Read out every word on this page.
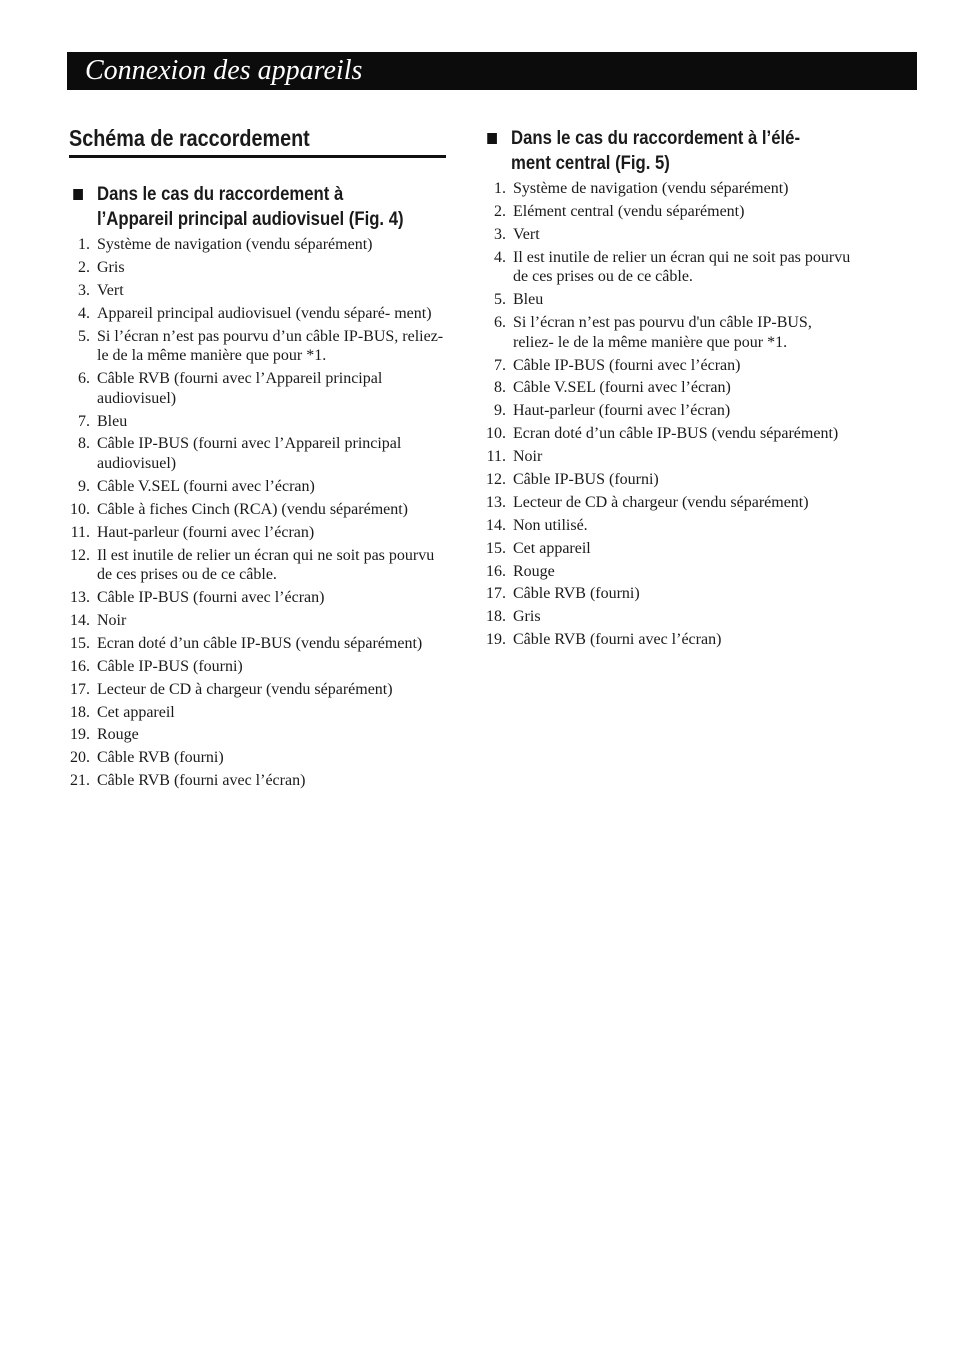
Connexion des appareils
Schéma de raccordement
Dans le cas du raccordement à
l’Appareil principal audiovisuel (Fig. 4)
Dans le cas du raccordement à l’élé-
ment central (Fig. 5)
1. Système de navigation (vendu séparément)
2. Gris
3. Vert
4. Appareil principal audiovisuel (vendu séparé- ment)
5. Si l’écran n’est pas pourvu d’un câble IP-BUS, reliez-le de la même manière que pour *1.
6. Câble RVB (fourni avec l’Appareil principal audiovisuel)
7. Bleu
8. Câble IP-BUS (fourni avec l’Appareil principal audiovisuel)
9. Câble V.SEL (fourni avec l’écran)
10. Câble à fiches Cinch (RCA) (vendu séparément)
11. Haut-parleur (fourni avec l’écran)
12. Il est inutile de relier un écran qui ne soit pas pourvu de ces prises ou de ce câble.
13. Câble IP-BUS (fourni avec l’écran)
14. Noir
15. Ecran doté d’un câble IP-BUS (vendu séparément)
16. Câble IP-BUS (fourni)
17. Lecteur de CD à chargeur (vendu séparément)
18. Cet appareil
19. Rouge
20. Câble RVB (fourni)
21. Câble RVB (fourni avec l’écran)
1. Système de navigation (vendu séparément)
2. Elément central (vendu séparément)
3. Vert
4. Il est inutile de relier un écran qui ne soit pas pourvu de ces prises ou de ce câble.
5. Bleu
6. Si l’écran n’est pas pourvu d'un câble IP-BUS, reliez- le de la même manière que pour *1.
7. Câble IP-BUS (fourni avec l’écran)
8. Câble V.SEL (fourni avec l’écran)
9. Haut-parleur (fourni avec l’écran)
10. Ecran doté d’un câble IP-BUS (vendu séparément)
11. Noir
12. Câble IP-BUS (fourni)
13. Lecteur de CD à chargeur (vendu séparément)
14. Non utilisé.
15. Cet appareil
16. Rouge
17. Câble RVB (fourni)
18. Gris
19. Câble RVB (fourni avec l’écran)
